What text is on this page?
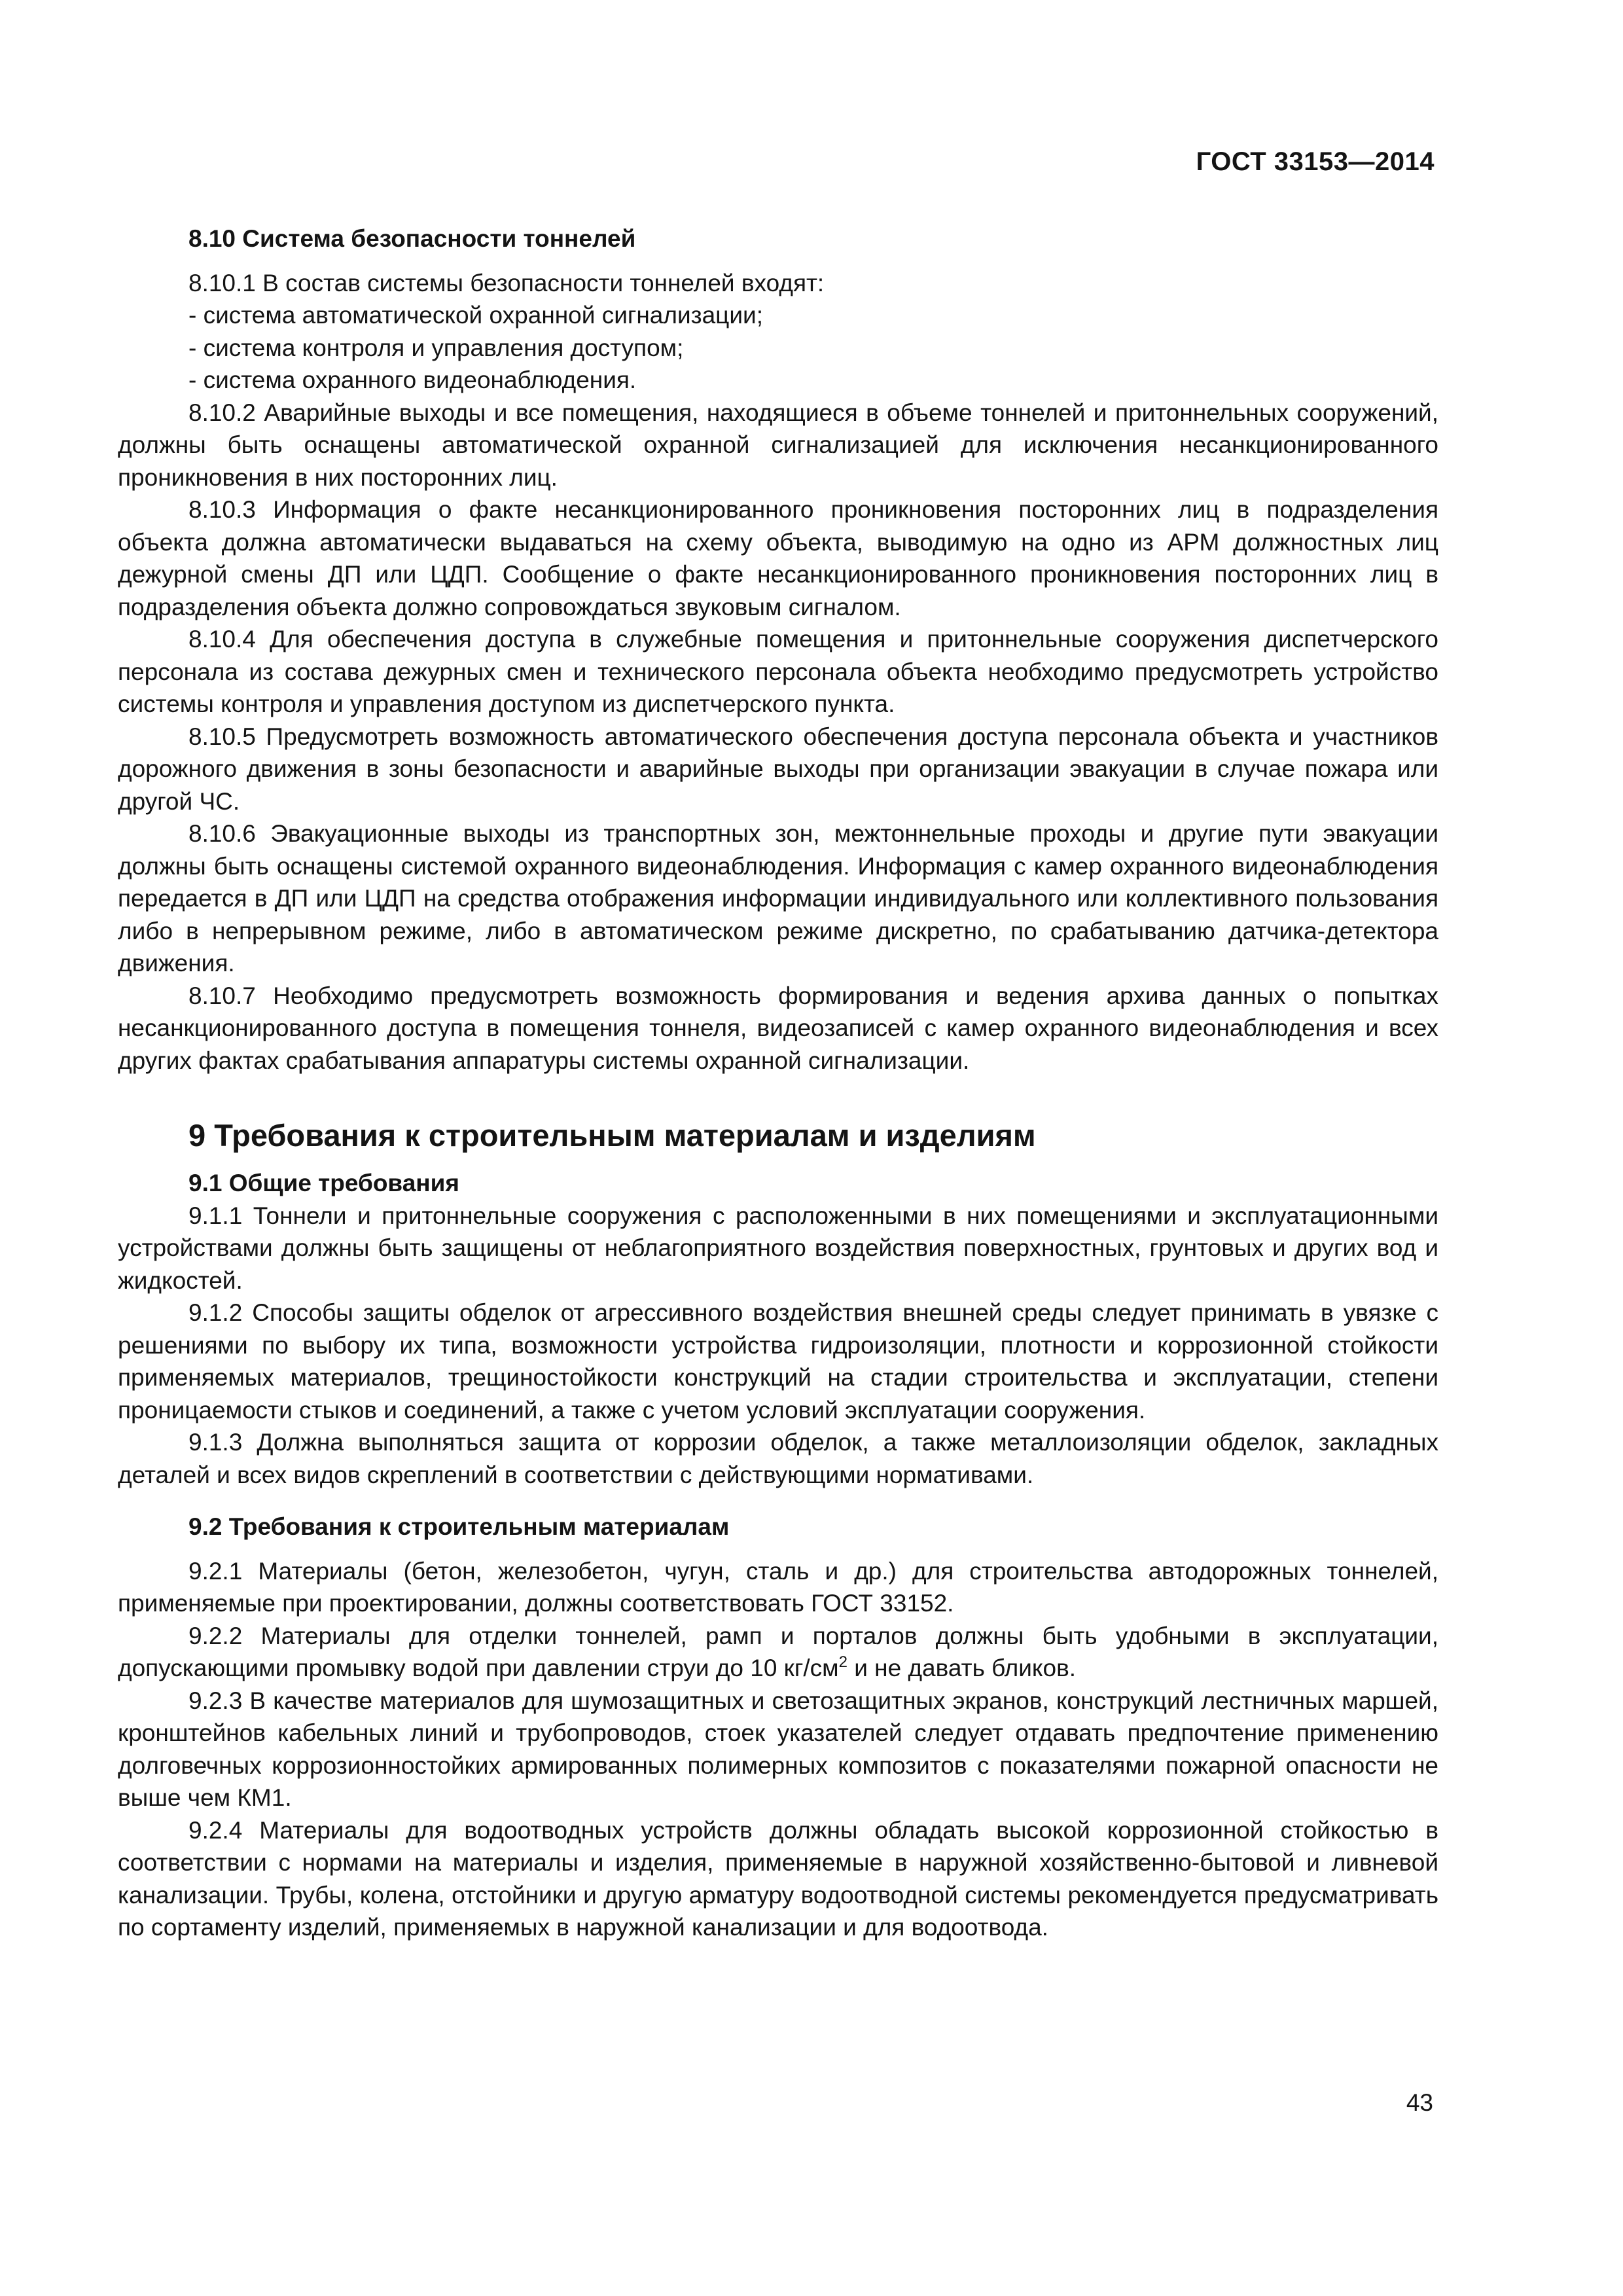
ГОСТ 33153—2014
8.10 Система безопасности тоннелей

8.10.1 В состав системы безопасности тоннелей входят:

- система автоматической охранной сигнализации;

- система контроля и управления доступом;

- система охранного видеонаблюдения.

8.10.2 Аварийные выходы и все помещения, находящиеся в объеме тоннелей и притоннельных сооружений, должны быть оснащены автоматической охранной сигнализацией для исключения несанкционированного проникновения в них посторонних лиц.

8.10.3 Информация о факте несанкционированного проникновения посторонних лиц в подразделения объекта должна автоматически выдаваться на схему объекта, выводимую на одно из АРМ должностных лиц дежурной смены ДП или ЦДП. Сообщение о факте несанкционированного проникновения посторонних лиц в подразделения объекта должно сопровождаться звуковым сигналом.

8.10.4 Для обеспечения доступа в служебные помещения и притоннельные сооружения диспетчерского персонала из состава дежурных смен и технического персонала объекта необходимо предусмотреть устройство системы контроля и управления доступом из диспетчерского пункта.

8.10.5 Предусмотреть возможность автоматического обеспечения доступа персонала объекта и участников дорожного движения в зоны безопасности и аварийные выходы при организации эвакуации в случае пожара или другой ЧС.

8.10.6 Эвакуационные выходы из транспортных зон, межтоннельные проходы и другие пути эвакуации должны быть оснащены системой охранного видеонаблюдения. Информация с камер охранного видеонаблюдения передается в ДП или ЦДП на средства отображения информации индивидуального или коллективного пользования либо в непрерывном режиме, либо в автоматическом режиме дискретно, по срабатыванию датчика-детектора движения.

8.10.7 Необходимо предусмотреть возможность формирования и ведения архива данных о попытках несанкционированного доступа в помещения тоннеля, видеозаписей с камер охранного видеонаблюдения и всех других фактах срабатывания аппаратуры системы охранной сигнализации.

9 Требования к строительным материалам и изделиям
9.1 Общие требования

9.1.1 Тоннели и притоннельные сооружения с расположенными в них помещениями и эксплуатационными устройствами должны быть защищены от неблагоприятного воздействия поверхностных, грунтовых и других вод и жидкостей.

9.1.2 Способы защиты обделок от агрессивного воздействия внешней среды следует принимать в увязке с решениями по выбору их типа, возможности устройства гидроизоляции, плотности и коррозионной стойкости применяемых материалов, трещиностойкости конструкций на стадии строительства и эксплуатации, степени проницаемости стыков и соединений, а также с учетом условий эксплуатации сооружения.

9.1.3 Должна выполняться защита от коррозии обделок, а также металлоизоляции обделок, закладных деталей и всех видов скреплений в соответствии с действующими нормативами.

9.2 Требования к строительным материалам

9.2.1 Материалы (бетон, железобетон, чугун, сталь и др.) для строительства автодорожных тоннелей, применяемые при проектировании, должны соответствовать ГОСТ 33152.

9.2.2 Материалы для отделки тоннелей, рамп и порталов должны быть удобными в эксплуатации, допускающими промывку водой при давлении струи до 10 $кг/см^2$ и не давать бликов.

9.2.3 В качестве материалов для шумозащитных и светозащитных экранов, конструкций лестничных маршей, кронштейнов кабельных линий и трубопроводов, стоек указателей следует отдавать предпочтение применению долговечных коррозионностойких армированных полимерных композитов с показателями пожарной опасности не выше чем КМ1.

9.2.4 Материалы для водоотводных устройств должны обладать высокой коррозионной стойкостью в соответствии с нормами на материалы и изделия, применяемые в наружной хозяйственно-бытовой и ливневой канализации. Трубы, колена, отстойники и другую арматуру водоотводной системы рекомендуется предусматривать по сортаменту изделий, применяемых в наружной канализации и для водоотвода.

43
